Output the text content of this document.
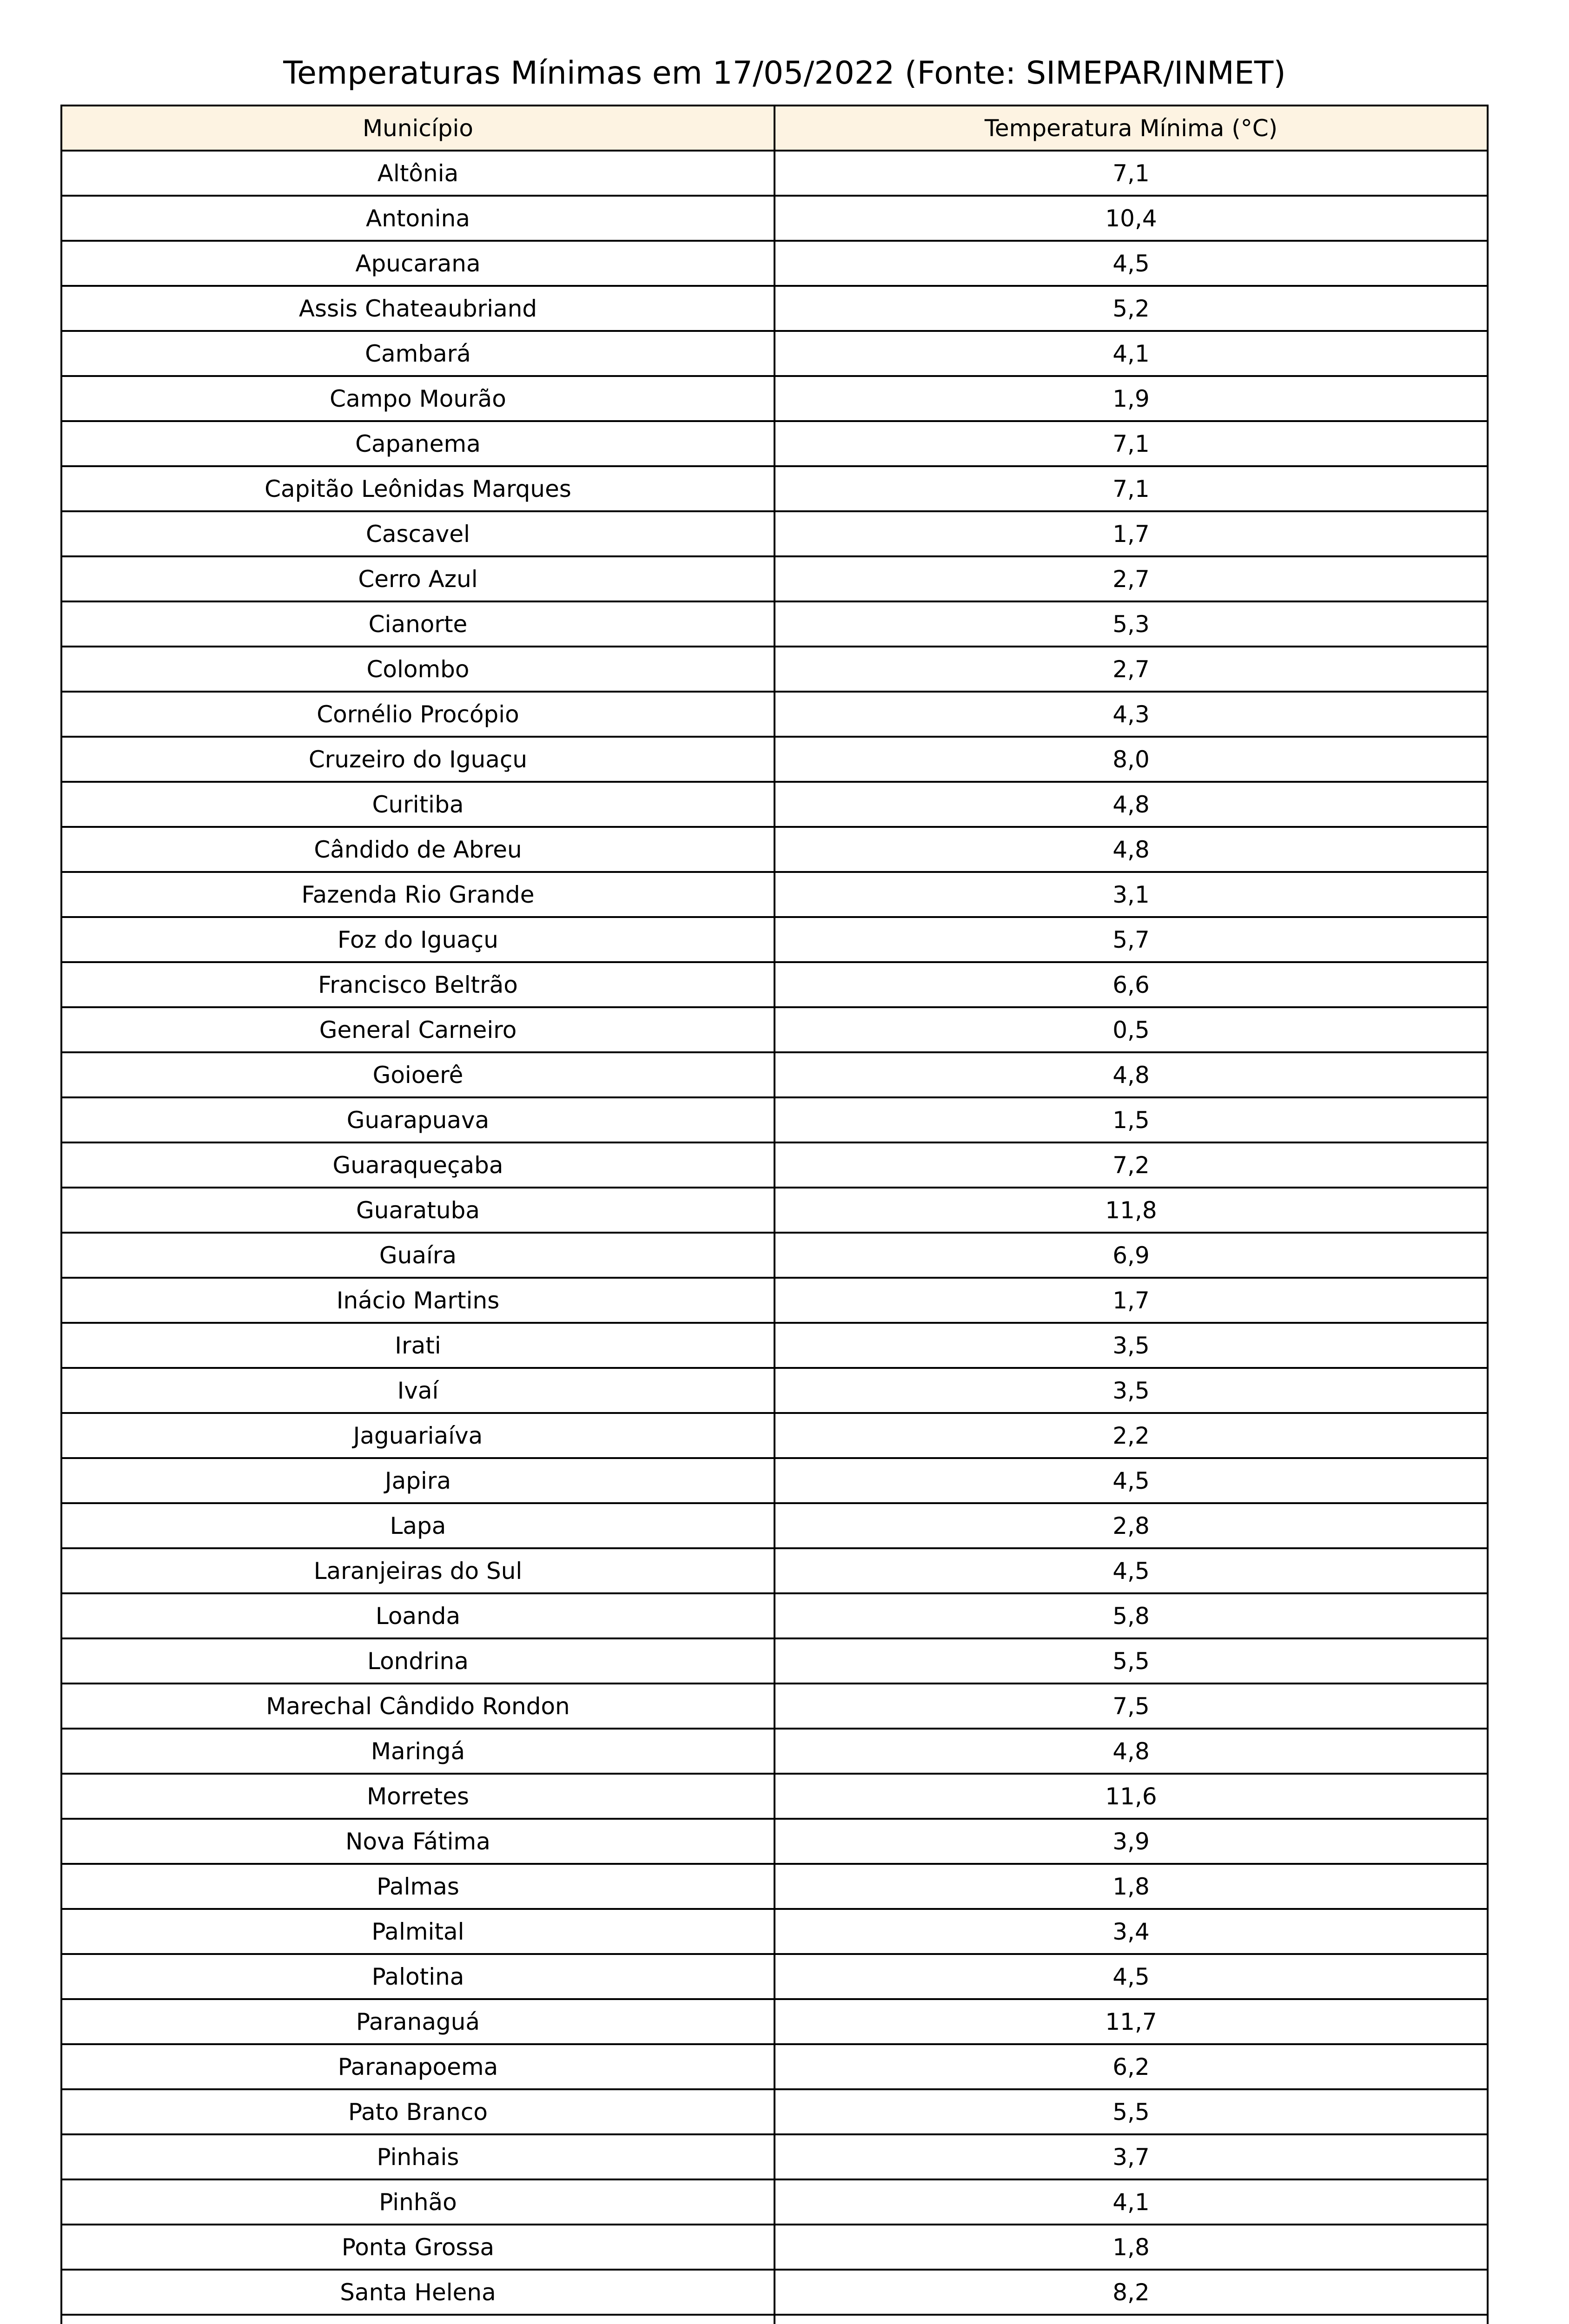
Temperaturas Mínimas em 17/05/2022 (Fonte: SIMEPAR/INMET)
Município	Temperatura Mínima (°C)
Altônia	7,1
Antonina	10,4
Apucarana	4,5
Assis Chateaubriand	5,2
Cambará	4,1
Campo Mourão	1,9
Capanema	7,1
Capitão Leônidas Marques	7,1
Cascavel	1,7
Cerro Azul	2,7
Cianorte	5,3
Colombo	2,7
Cornélio Procópio	4,3
Cruzeiro do Iguaçu	8,0
Curitiba	4,8
Cândido de Abreu	4,8
Fazenda Rio Grande	3,1
Foz do Iguaçu	5,7
Francisco Beltrão	6,6
General Carneiro	0,5
Goioerê	4,8
Guarapuava	1,5
Guaraqueçaba	7,2
Guaratuba	11,8
Guaíra	6,9
Inácio Martins	1,7
Irati	3,5
Ivaí	3,5
Jaguariaíva	2,2
Japira	4,5
Lapa	2,8
Laranjeiras do Sul	4,5
Loanda	5,8
Londrina	5,5
Marechal Cândido Rondon	7,5
Maringá	4,8
Morretes	11,6
Nova Fátima	3,9
Palmas	1,8
Palmital	3,4
Palotina	4,5
Paranaguá	11,7
Paranapoema	6,2
Pato Branco	5,5
Pinhais	3,7
Pinhão	4,1
Ponta Grossa	1,8
Santa Helena	8,2
